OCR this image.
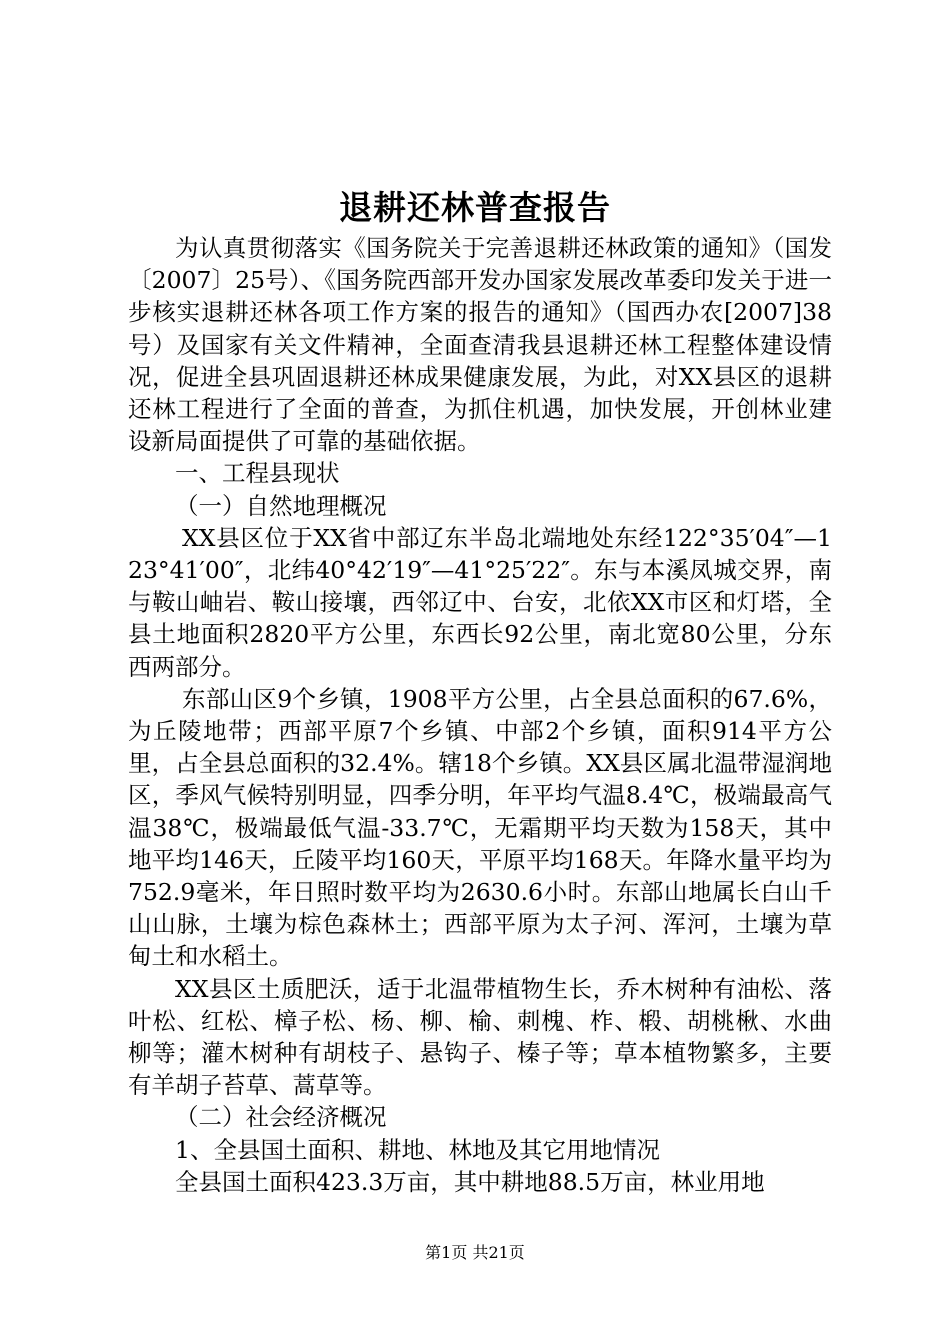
退耕还林普查报告

为认真贯彻落实《国务院关于完善退耕还林政策的通知》（国发〔2007〕25号）、《国务院西部开发办国家发展改革委印发关于进一步核实退耕还林各项工作方案的报告的通知》（国西办农[2007]38号）及国家有关文件精神，全面查清我县退耕还林工程整体建设情况，促进全县巩固退耕还林成果健康发展，为此，对XX县区的退耕还林工程进行了全面的普查，为抓住机遇，加快发展，开创林业建设新局面提供了可靠的基础依据。

一、工程县现状

（一）自然地理概况

XX县区位于XX省中部辽东半岛北端地处东经122°35′04″—123°41′00″，北纬40°42′19″—41°25′22″。东与本溪凤城交界，南与鞍山岫岩、鞍山接壤，西邻辽中、台安，北依XX市区和灯塔，全县土地面积2820平方公里，东西长92公里，南北宽80公里，分东西两部分。

东部山区9个乡镇，1908平方公里，占全县总面积的67.6%，为丘陵地带；西部平原7个乡镇、中部2个乡镇，面积914平方公里，占全县总面积的32.4%。辖18个乡镇。XX县区属北温带湿润地区，季风气候特别明显，四季分明，年平均气温8.4℃，极端最高气温38℃，极端最低气温-33.7℃，无霜期平均天数为158天，其中地平均146天，丘陵平均160天，平原平均168天。年降水量平均为752.9毫米，年日照时数平均为2630.6小时。东部山地属长白山千山山脉，土壤为棕色森林土；西部平原为太子河、浑河，土壤为草甸土和水稻土。

XX县区土质肥沃，适于北温带植物生长，乔木树种有油松、落叶松、红松、樟子松、杨、柳、榆、刺槐、柞、椴、胡桃楸、水曲柳等；灌木树种有胡枝子、悬钩子、榛子等；草本植物繁多，主要有羊胡子苔草、蒿草等。

（二）社会经济概况

1、全县国土面积、耕地、林地及其它用地情况

全县国土面积423.3万亩，其中耕地88.5万亩，林业用地

第1页 共21页
